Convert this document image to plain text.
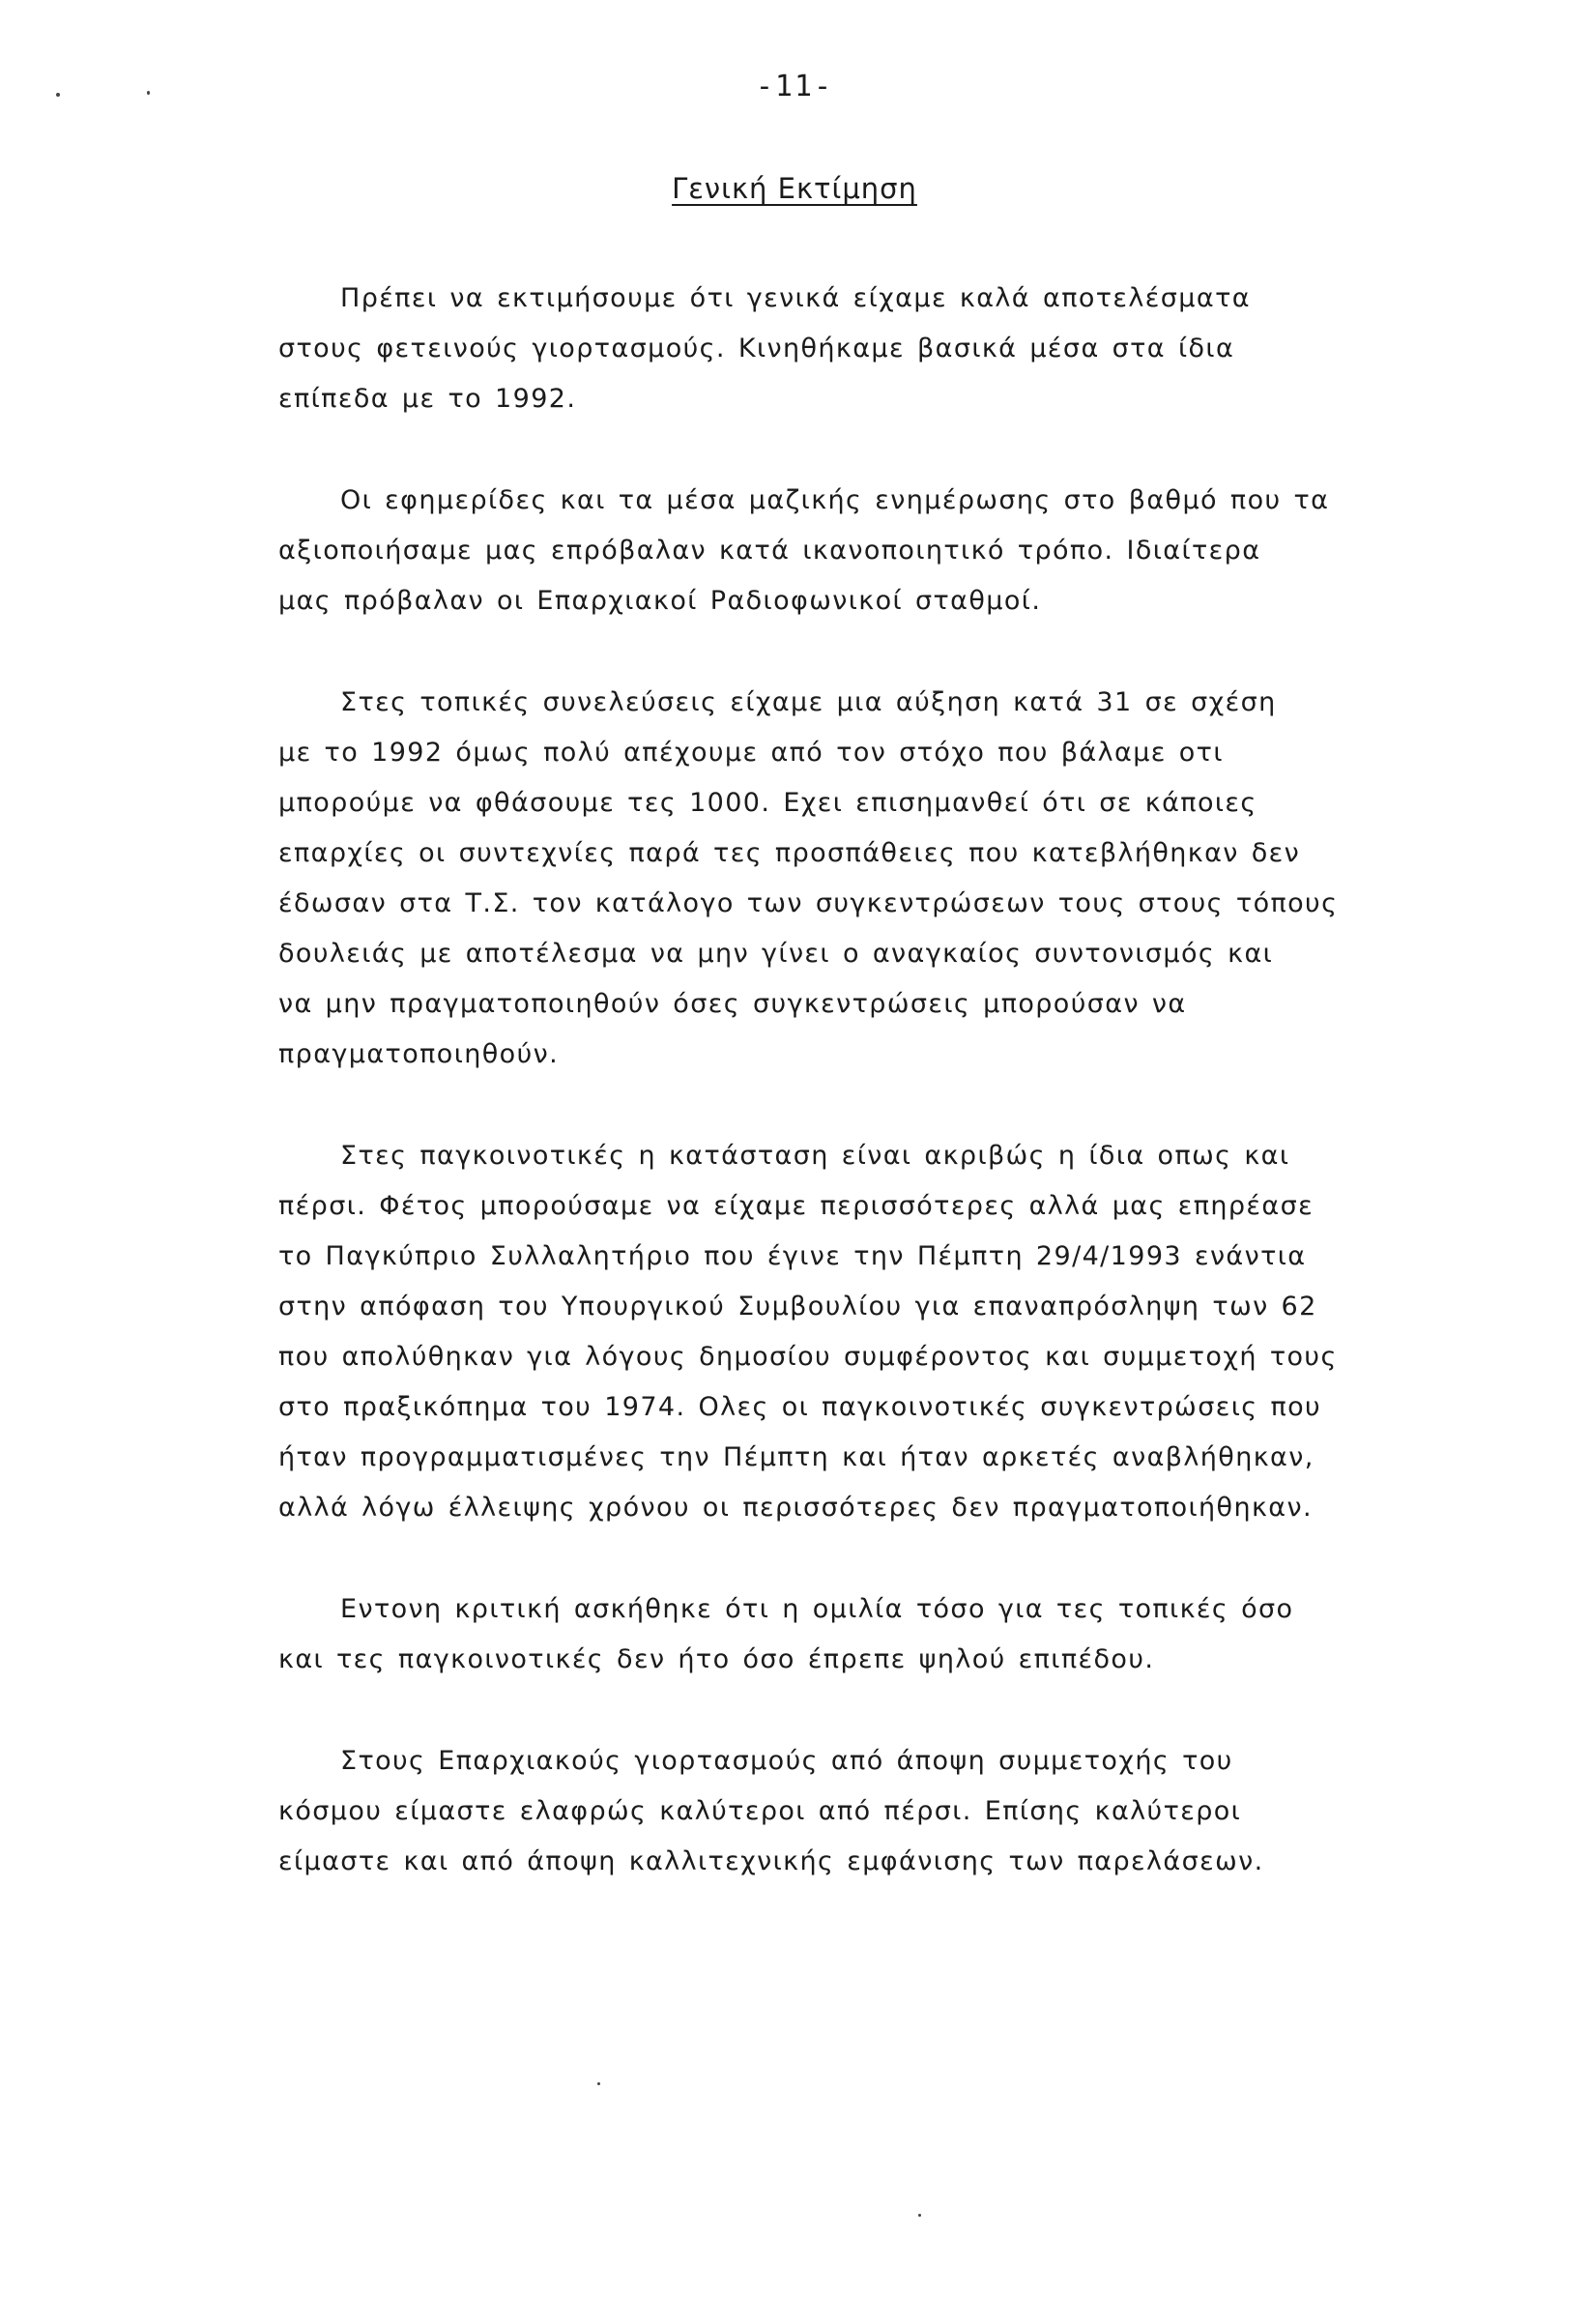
-11-
Γενική Εκτίμηση
Πρέπει να εκτιμήσουμε ότι γενικά είχαμε καλά αποτελέσματα
στους φετεινούς γιορτασμούς. Κινηθήκαμε βασικά μέσα στα ίδια
επίπεδα με το 1992.
Οι εφημερίδες και τα μέσα μαζικής ενημέρωσης στο βαθμό που τα
αξιοποιήσαμε μας επρόβαλαν κατά ικανοποιητικό τρόπο. Ιδιαίτερα
μας πρόβαλαν οι Επαρχιακοί Ραδιοφωνικοί σταθμοί.
Στες τοπικές συνελεύσεις είχαμε μια αύξηση κατά 31 σε σχέση
με το 1992 όμως πολύ απέχουμε από τον στόχο που βάλαμε οτι
μπορούμε να φθάσουμε τες 1000. Εχει επισημανθεί ότι σε κάποιες
επαρχίες οι συντεχνίες παρά τες προσπάθειες που κατεβλήθηκαν δεν
έδωσαν στα Τ.Σ. τον κατάλογο των συγκεντρώσεων τους στους τόπους
δουλειάς με αποτέλεσμα να μην γίνει ο αναγκαίος συντονισμός και
να μην πραγματοποιηθούν όσες συγκεντρώσεις μπορούσαν να
πραγματοποιηθούν.
Στες παγκοινοτικές η κατάσταση είναι ακριβώς η ίδια οπως και
πέρσι. Φέτος μπορούσαμε να είχαμε περισσότερες αλλά μας επηρέασε
το Παγκύπριο Συλλαλητήριο που έγινε την Πέμπτη 29/4/1993 ενάντια
στην απόφαση του Υπουργικού Συμβουλίου για επαναπρόσληψη των 62
που απολύθηκαν για λόγους δημοσίου συμφέροντος και συμμετοχή τους
στο πραξικόπημα του 1974. Ολες οι παγκοινοτικές συγκεντρώσεις που
ήταν προγραμματισμένες την Πέμπτη και ήταν αρκετές αναβλήθηκαν,
αλλά λόγω έλλειψης χρόνου οι περισσότερες δεν πραγματοποιήθηκαν.
Εντονη κριτική ασκήθηκε ότι η ομιλία τόσο για τες τοπικές όσο
και τες παγκοινοτικές δεν ήτο όσο έπρεπε ψηλού επιπέδου.
Στους Επαρχιακούς γιορτασμούς από άποψη συμμετοχής του
κόσμου είμαστε ελαφρώς καλύτεροι από πέρσι. Επίσης καλύτεροι
είμαστε και από άποψη καλλιτεχνικής εμφάνισης των παρελάσεων.
